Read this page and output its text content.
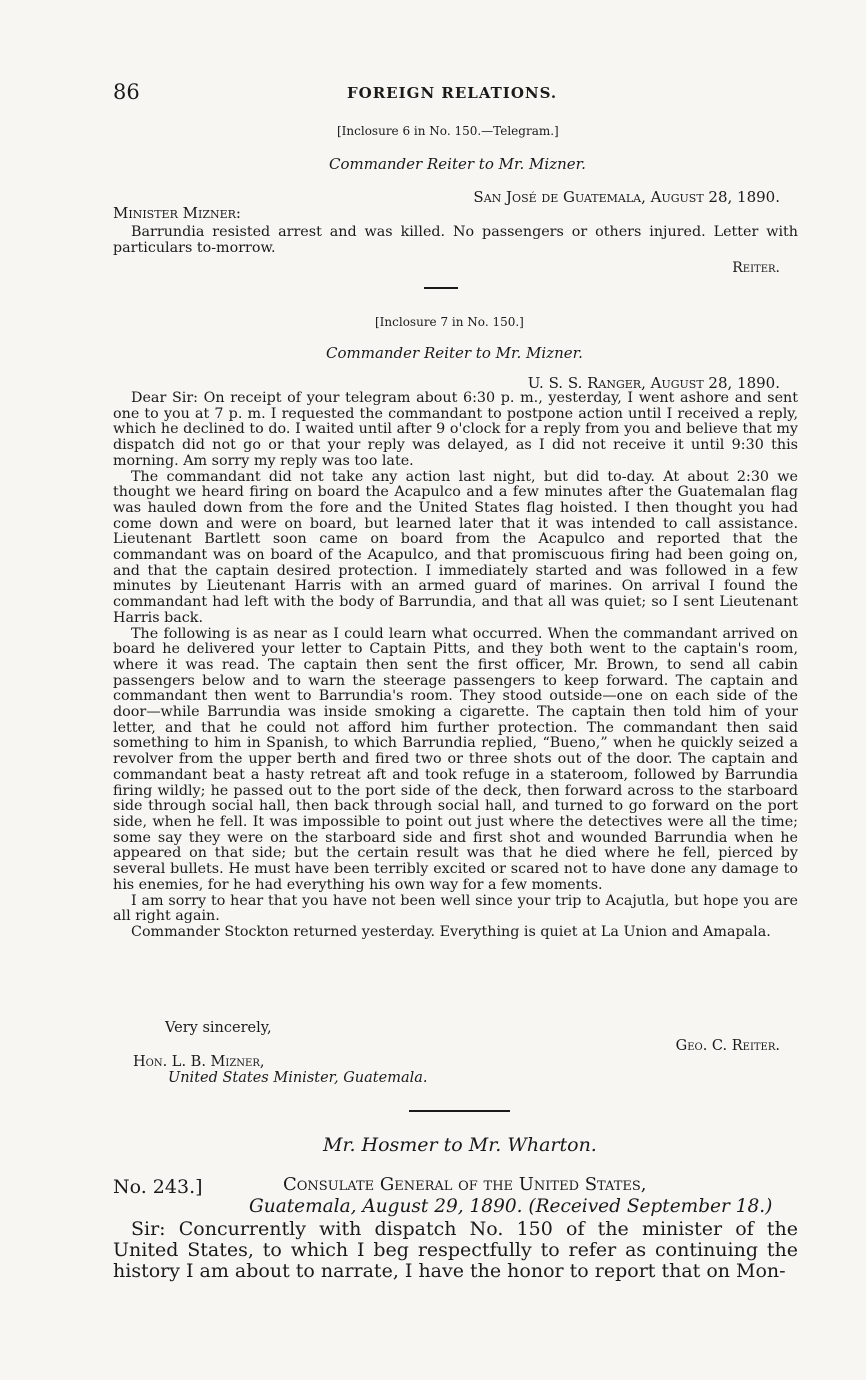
86	FOREIGN RELATIONS.
[Inclosure 6 in No. 150.—Telegram.]
Commander Reiter to Mr. Mizner.
San José de Guatemala, August 28, 1890.
Minister Mizner:

Barrundia resisted arrest and was killed. No passengers or others injured. Letter with particulars to-morrow.

Reiter.
[Inclosure 7 in No. 150.]
Commander Reiter to Mr. Mizner.
U. S. S. Ranger, August 28, 1890.

Dear Sir: On receipt of your telegram about 6:30 p. m., yesterday, I went ashore and sent one to you at 7 p. m. I requested the commandant to postpone action until I received a reply, which he declined to do. I waited until after 9 o'clock for a reply from you and believe that my dispatch did not go or that your reply was delayed, as I did not receive it until 9:30 this morning. Am sorry my reply was too late.

The commandant did not take any action last night, but did to-day. At about 2:30 we thought we heard firing on board the Acapulco and a few minutes after the Guatemalan flag was hauled down from the fore and the United States flag hoisted. I then thought you had come down and were on board, but learned later that it was intended to call assistance. Lieutenant Bartlett soon came on board from the Acapulco and reported that the commandant was on board of the Acapulco, and that promiscuous firing had been going on, and that the captain desired protection. I immediately started and was followed in a few minutes by Lieutenant Harris with an armed guard of marines. On arrival I found the commandant had left with the body of Barrundia, and that all was quiet; so I sent Lieutenant Harris back.

The following is as near as I could learn what occurred. When the commandant arrived on board he delivered your letter to Captain Pitts, and they both went to the captain's room, where it was read. The captain then sent the first officer, Mr. Brown, to send all cabin passengers below and to warn the steerage passengers to keep forward. The captain and commandant then went to Barrundia's room. They stood outside—one on each side of the door—while Barrundia was inside smoking a cigarette. The captain then told him of your letter, and that he could not afford him further protection. The commandant then said something to him in Spanish, to which Barrundia replied, “Bueno,” when he quickly seized a revolver from the upper berth and fired two or three shots out of the door. The captain and commandant beat a hasty retreat aft and took refuge in a stateroom, followed by Barrundia firing wildly; he passed out to the port side of the deck, then forward across to the starboard side through social hall, then back through social hall, and turned to go forward on the port side, when he fell. It was impossible to point out just where the detectives were all the time; some say they were on the starboard side and first shot and wounded Barrundia when he appeared on that side; but the certain result was that he died where he fell, pierced by several bullets. He must have been terribly excited or scared not to have done any damage to his enemies, for he had everything his own way for a few moments.

I am sorry to hear that you have not been well since your trip to Acajutla, but hope you are all right again.

Commander Stockton returned yesterday. Everything is quiet at La Union and Amapala.

Very sincerely,
Geo. C. Reiter.
Hon. L. B. Mizner,
United States Minister, Guatemala.
Mr. Hosmer to Mr. Wharton.
No. 243.]	Consulate General of the United States,
Guatemala, August 29, 1890. (Received September 18.)

Sir: Concurrently with dispatch No. 150 of the minister of the United States, to which I beg respectfully to refer as continuing the history I am about to narrate, I have the honor to report that on Mon-
